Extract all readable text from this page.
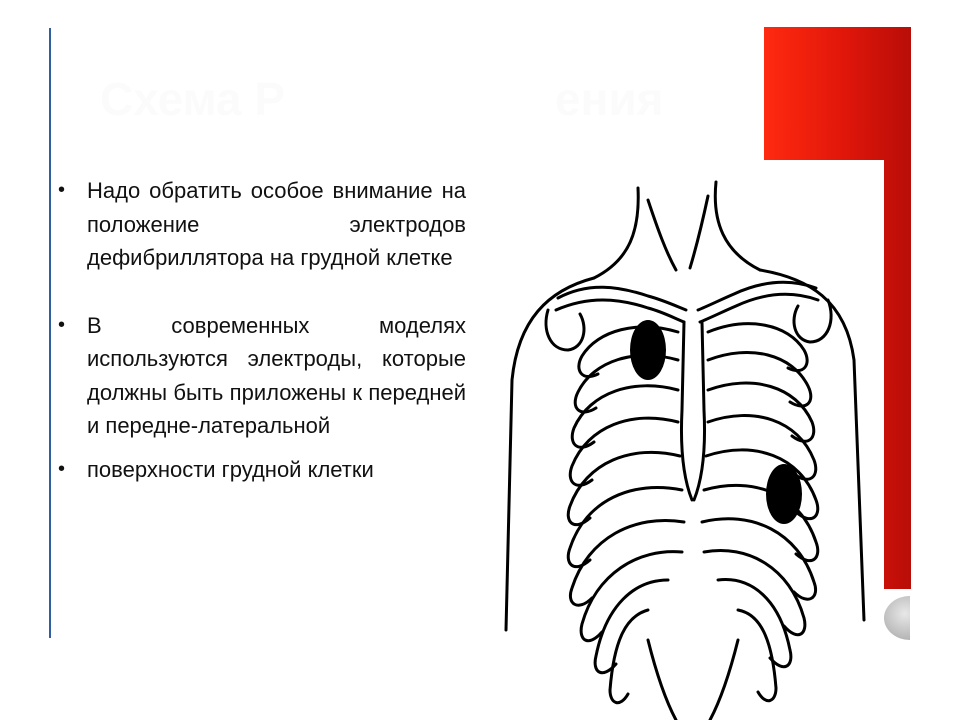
Схема Р	ения
• Надо обратить особое внимание на положение электродов дефибриллятора на грудной клетке
• В современных моделях используются электроды, которые должны быть приложены к передней и передне-латеральной
• поверхности грудной клетки
